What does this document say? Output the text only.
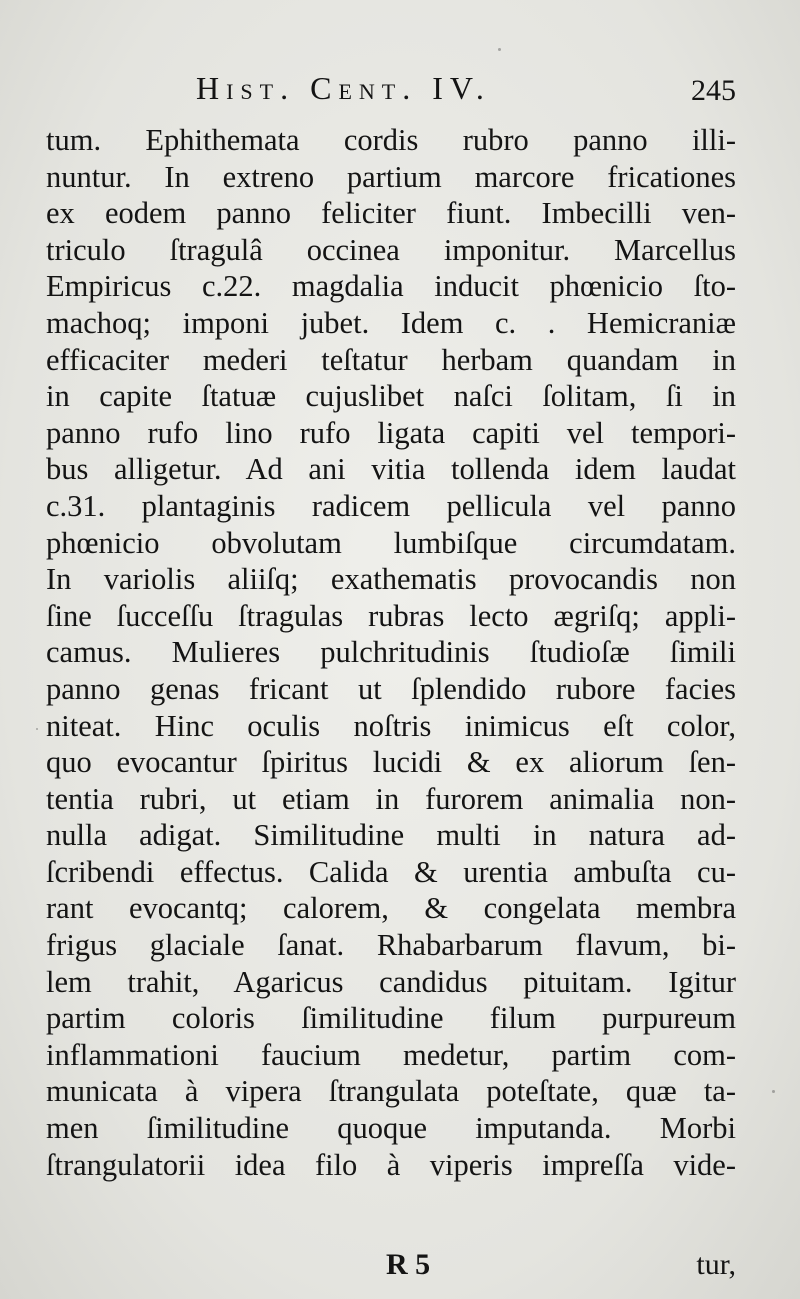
Hist. Cent. IV.	245
tum. Ephithemata cordis rubro panno illi-
nuntur. In extreno partium marcore fricationes
ex eodem panno feliciter fiunt. Imbecilli ven-
triculo ſtragulâ occinea imponitur. Marcellus
Empiricus c.22. magdalia inducit phœnicio ſto-
machoq; imponi jubet. Idem c. . Hemicraniæ
efficaciter mederi teſtatur herbam quandam in
in capite ſtatuæ cujuslibet naſci ſolitam, ſi in
panno rufo lino rufo ligata capiti vel tempori-
bus alligetur. Ad ani vitia tollenda idem laudat
c.31. plantaginis radicem pellicula vel panno
phœnicio obvolutam lumbiſque circumdatam.
In variolis aliiſq; exathematis provocandis non
ſine ſucceſſu ſtragulas rubras lecto ægriſq; appli-
camus. Mulieres pulchritudinis ſtudioſæ ſimili
panno genas fricant ut ſplendido rubore facies
niteat. Hinc oculis noſtris inimicus eſt color,
quo evocantur ſpiritus lucidi & ex aliorum ſen-
tentia rubri, ut etiam in furorem animalia non-
nulla adigat. Similitudine multi in natura ad-
ſcribendi effectus. Calida & urentia ambuſta cu-
rant evocantq; calorem, & congelata membra
frigus glaciale ſanat. Rhabarbarum flavum, bi-
lem trahit, Agaricus candidus pituitam. Igitur
partim coloris ſimilitudine filum purpureum
inflammationi faucium medetur, partim com-
municata à vipera ſtrangulata poteſtate, quæ ta-
men ſimilitudine quoque imputanda. Morbi
ſtrangulatorii idea filo à viperis impreſſa vide-
R 5	tur,
